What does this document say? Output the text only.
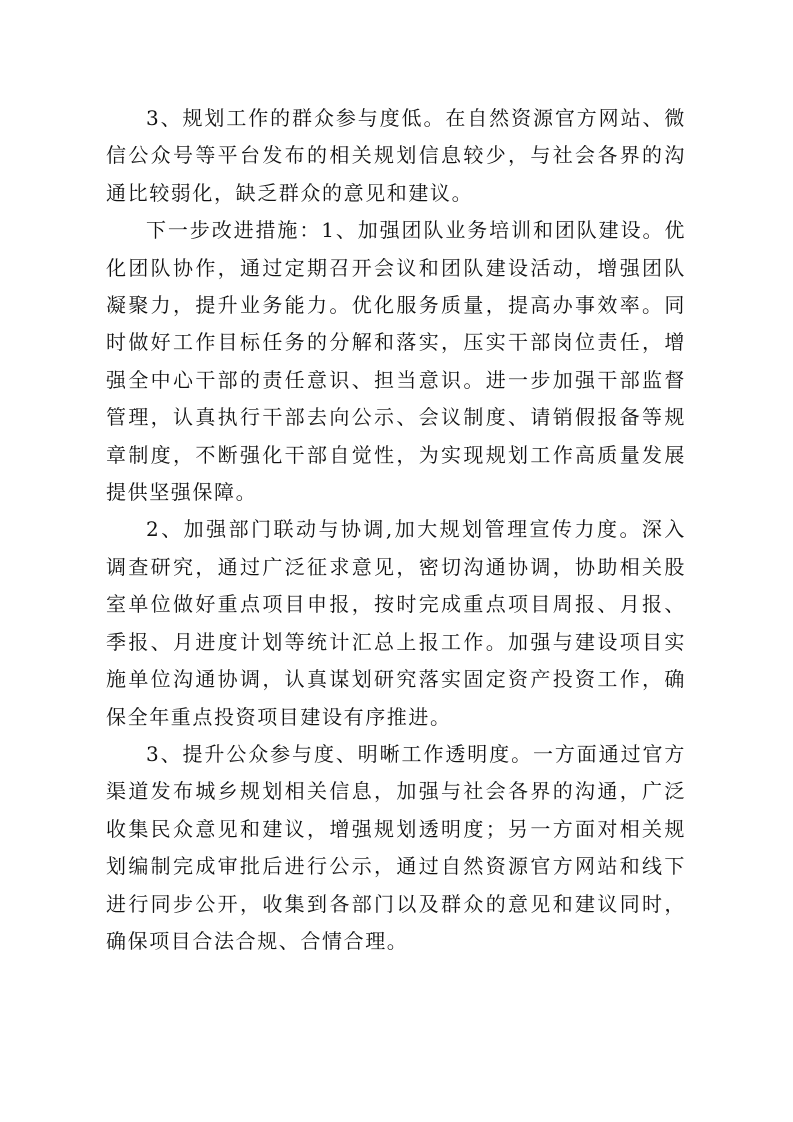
3、规划工作的群众参与度低。在自然资源官方网站、微信公众号等平台发布的相关规划信息较少，与社会各界的沟通比较弱化，缺乏群众的意见和建议。

下一步改进措施：1、加强团队业务培训和团队建设。优化团队协作，通过定期召开会议和团队建设活动，增强团队凝聚力，提升业务能力。优化服务质量，提高办事效率。同时做好工作目标任务的分解和落实，压实干部岗位责任，增强全中心干部的责任意识、担当意识。进一步加强干部监督管理，认真执行干部去向公示、会议制度、请销假报备等规章制度，不断强化干部自觉性，为实现规划工作高质量发展提供坚强保障。

2、加强部门联动与协调,加大规划管理宣传力度。深入调查研究，通过广泛征求意见，密切沟通协调，协助相关股室单位做好重点项目申报，按时完成重点项目周报、月报、季报、月进度计划等统计汇总上报工作。加强与建设项目实施单位沟通协调，认真谋划研究落实固定资产投资工作，确保全年重点投资项目建设有序推进。

3、提升公众参与度、明晰工作透明度。一方面通过官方渠道发布城乡规划相关信息，加强与社会各界的沟通，广泛收集民众意见和建议，增强规划透明度；另一方面对相关规划编制完成审批后进行公示，通过自然资源官方网站和线下进行同步公开，收集到各部门以及群众的意见和建议同时，确保项目合法合规、合情合理。
